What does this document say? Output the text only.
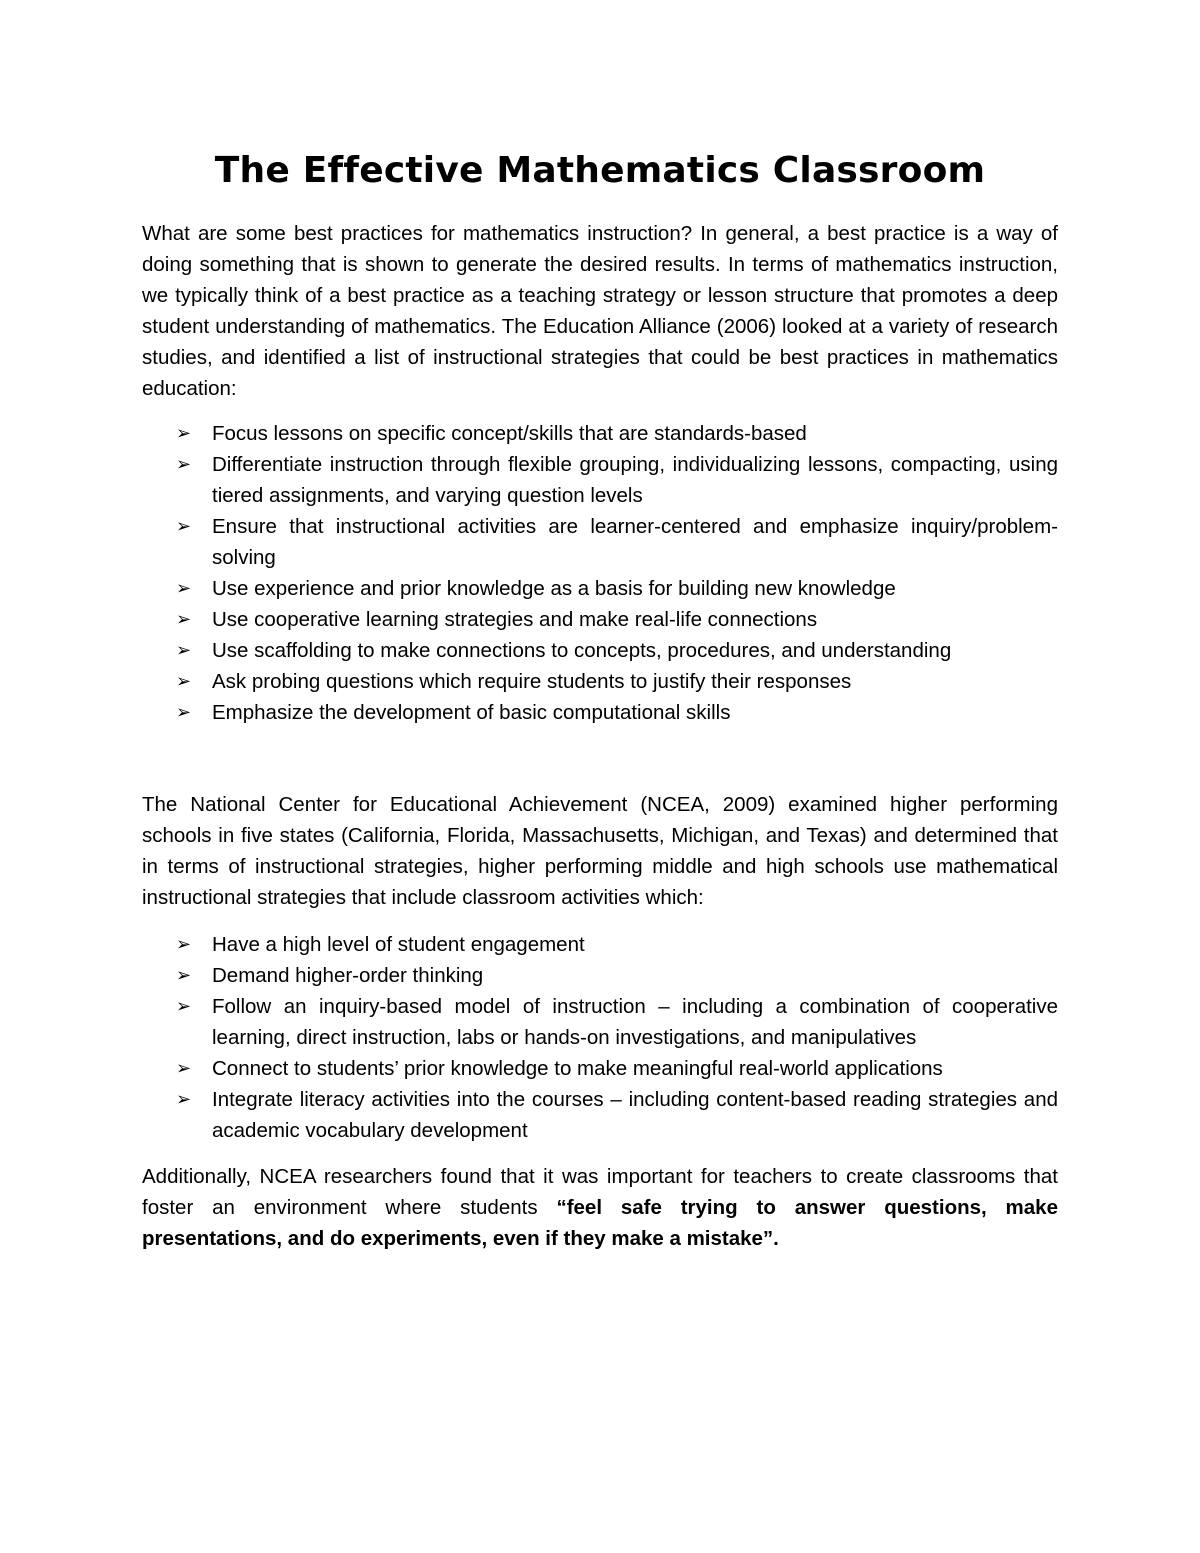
The Effective Mathematics Classroom

What are some best practices for mathematics instruction? In general, a best practice is a way of doing something that is shown to generate the desired results. In terms of mathematics instruction, we typically think of a best practice as a teaching strategy or lesson structure that promotes a deep student understanding of mathematics. The Education Alliance (2006) looked at a variety of research studies, and identified a list of instructional strategies that could be best practices in mathematics education:

➢	Focus lessons on specific concept/skills that are standards-based
➢	Differentiate instruction through flexible grouping, individualizing lessons, compacting, using tiered assignments, and varying question levels
➢	Ensure that instructional activities are learner-centered and emphasize inquiry/problem-solving
➢	Use experience and prior knowledge as a basis for building new knowledge
➢	Use cooperative learning strategies and make real-life connections
➢	Use scaffolding to make connections to concepts, procedures, and understanding
➢	Ask probing questions which require students to justify their responses
➢	Emphasize the development of basic computational skills

The National Center for Educational Achievement (NCEA, 2009) examined higher performing schools in five states (California, Florida, Massachusetts, Michigan, and Texas) and determined that in terms of instructional strategies, higher performing middle and high schools use mathematical instructional strategies that include classroom activities which:

➢	Have a high level of student engagement
➢	Demand higher-order thinking
➢	Follow an inquiry-based model of instruction – including a combination of cooperative learning, direct instruction, labs or hands-on investigations, and manipulatives
➢	Connect to students’ prior knowledge to make meaningful real-world applications
➢	Integrate literacy activities into the courses – including content-based reading strategies and academic vocabulary development

Additionally, NCEA researchers found that it was important for teachers to create classrooms that foster an environment where students “feel safe trying to answer questions, make presentations, and do experiments, even if they make a mistake”.
